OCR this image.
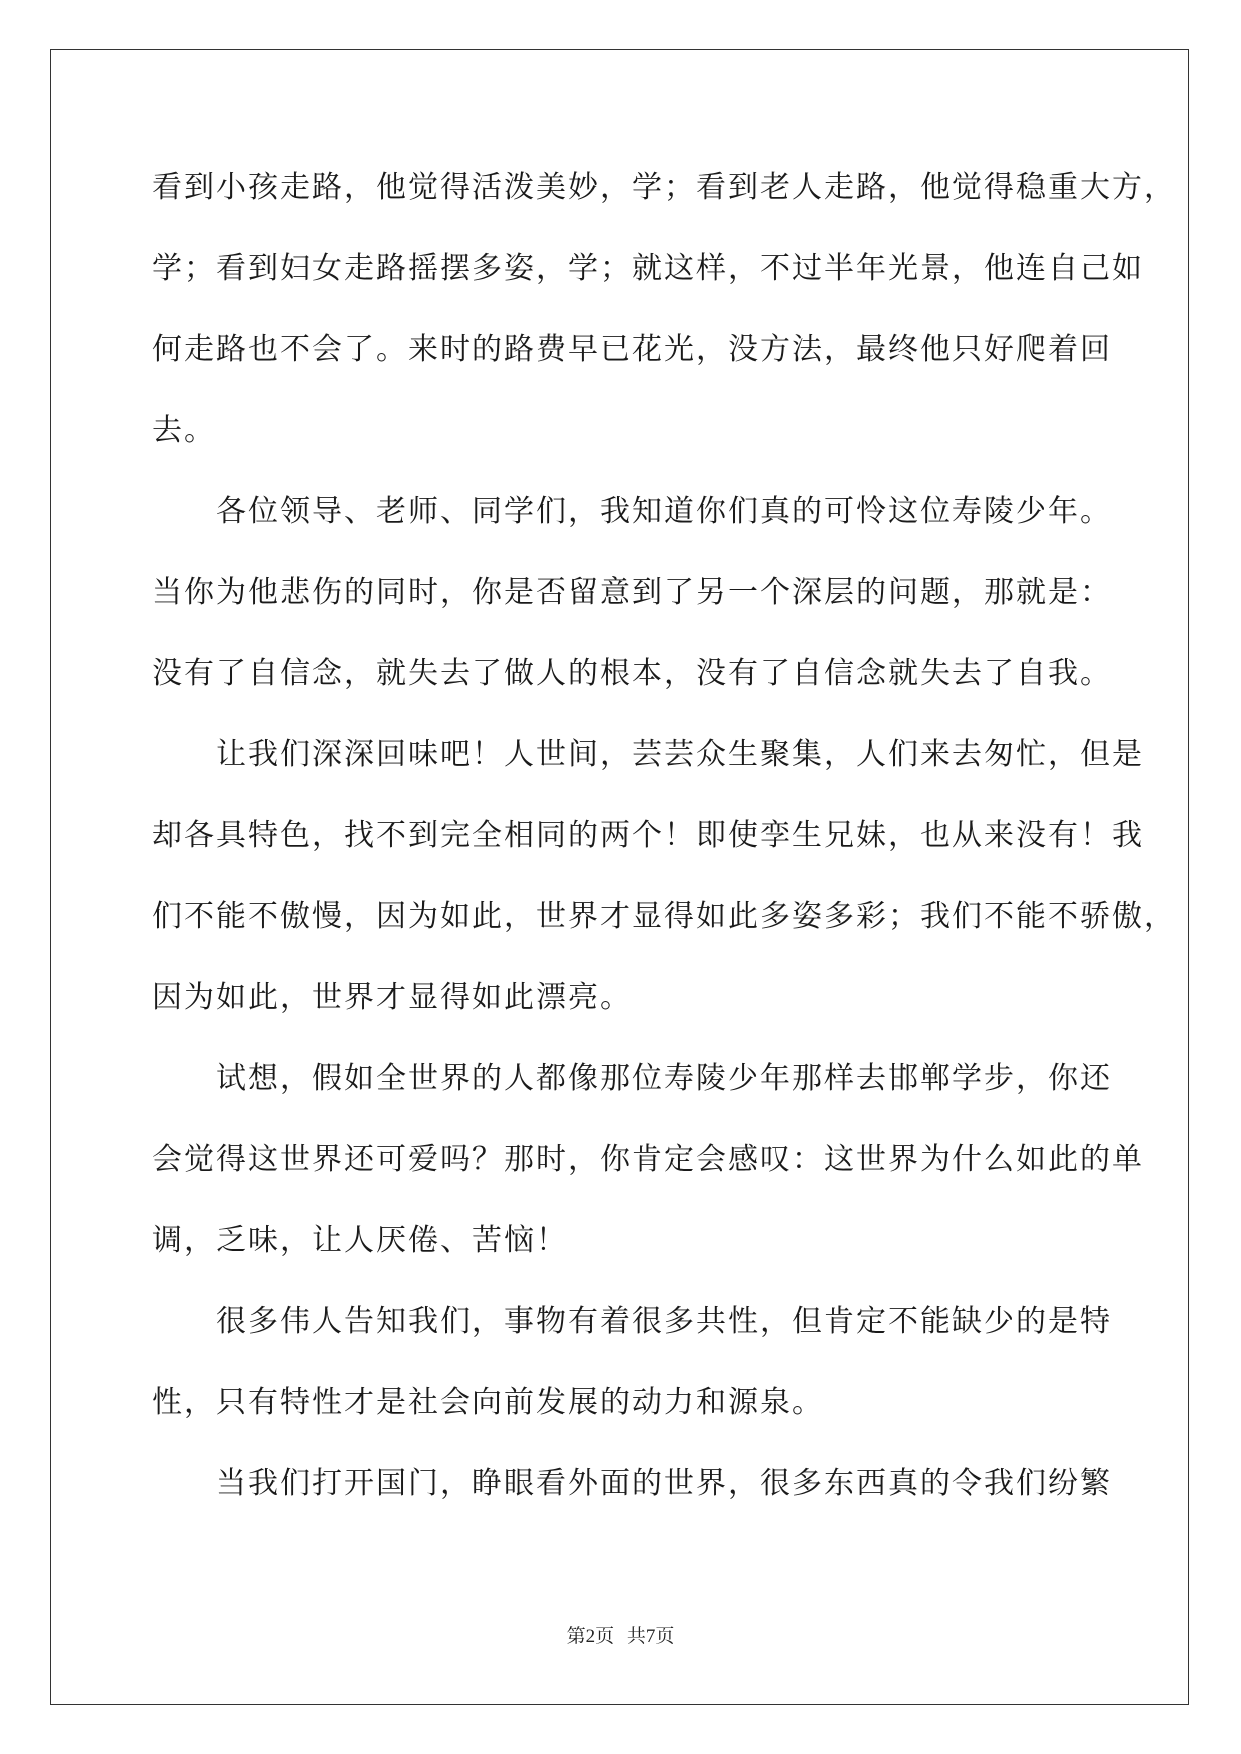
看到小孩走路，他觉得活泼美妙，学；看到老人走路，他觉得稳重大方，
学；看到妇女走路摇摆多姿，学；就这样，不过半年光景，他连自己如
何走路也不会了。来时的路费早已花光，没方法，最终他只好爬着回
去。
各位领导、老师、同学们，我知道你们真的可怜这位寿陵少年。
当你为他悲伤的同时，你是否留意到了另一个深层的问题，那就是：
没有了自信念，就失去了做人的根本，没有了自信念就失去了自我。
让我们深深回味吧！人世间，芸芸众生聚集，人们来去匆忙，但是
却各具特色，找不到完全相同的两个！即使孪生兄妹，也从来没有！我
们不能不傲慢，因为如此，世界才显得如此多姿多彩；我们不能不骄傲，
因为如此，世界才显得如此漂亮。
试想，假如全世界的人都像那位寿陵少年那样去邯郸学步，你还
会觉得这世界还可爱吗？那时，你肯定会感叹：这世界为什么如此的单
调，乏味，让人厌倦、苦恼！
很多伟人告知我们，事物有着很多共性，但肯定不能缺少的是特
性，只有特性才是社会向前发展的动力和源泉。
当我们打开国门，睁眼看外面的世界，很多东西真的令我们纷繁
第2页 共7页
